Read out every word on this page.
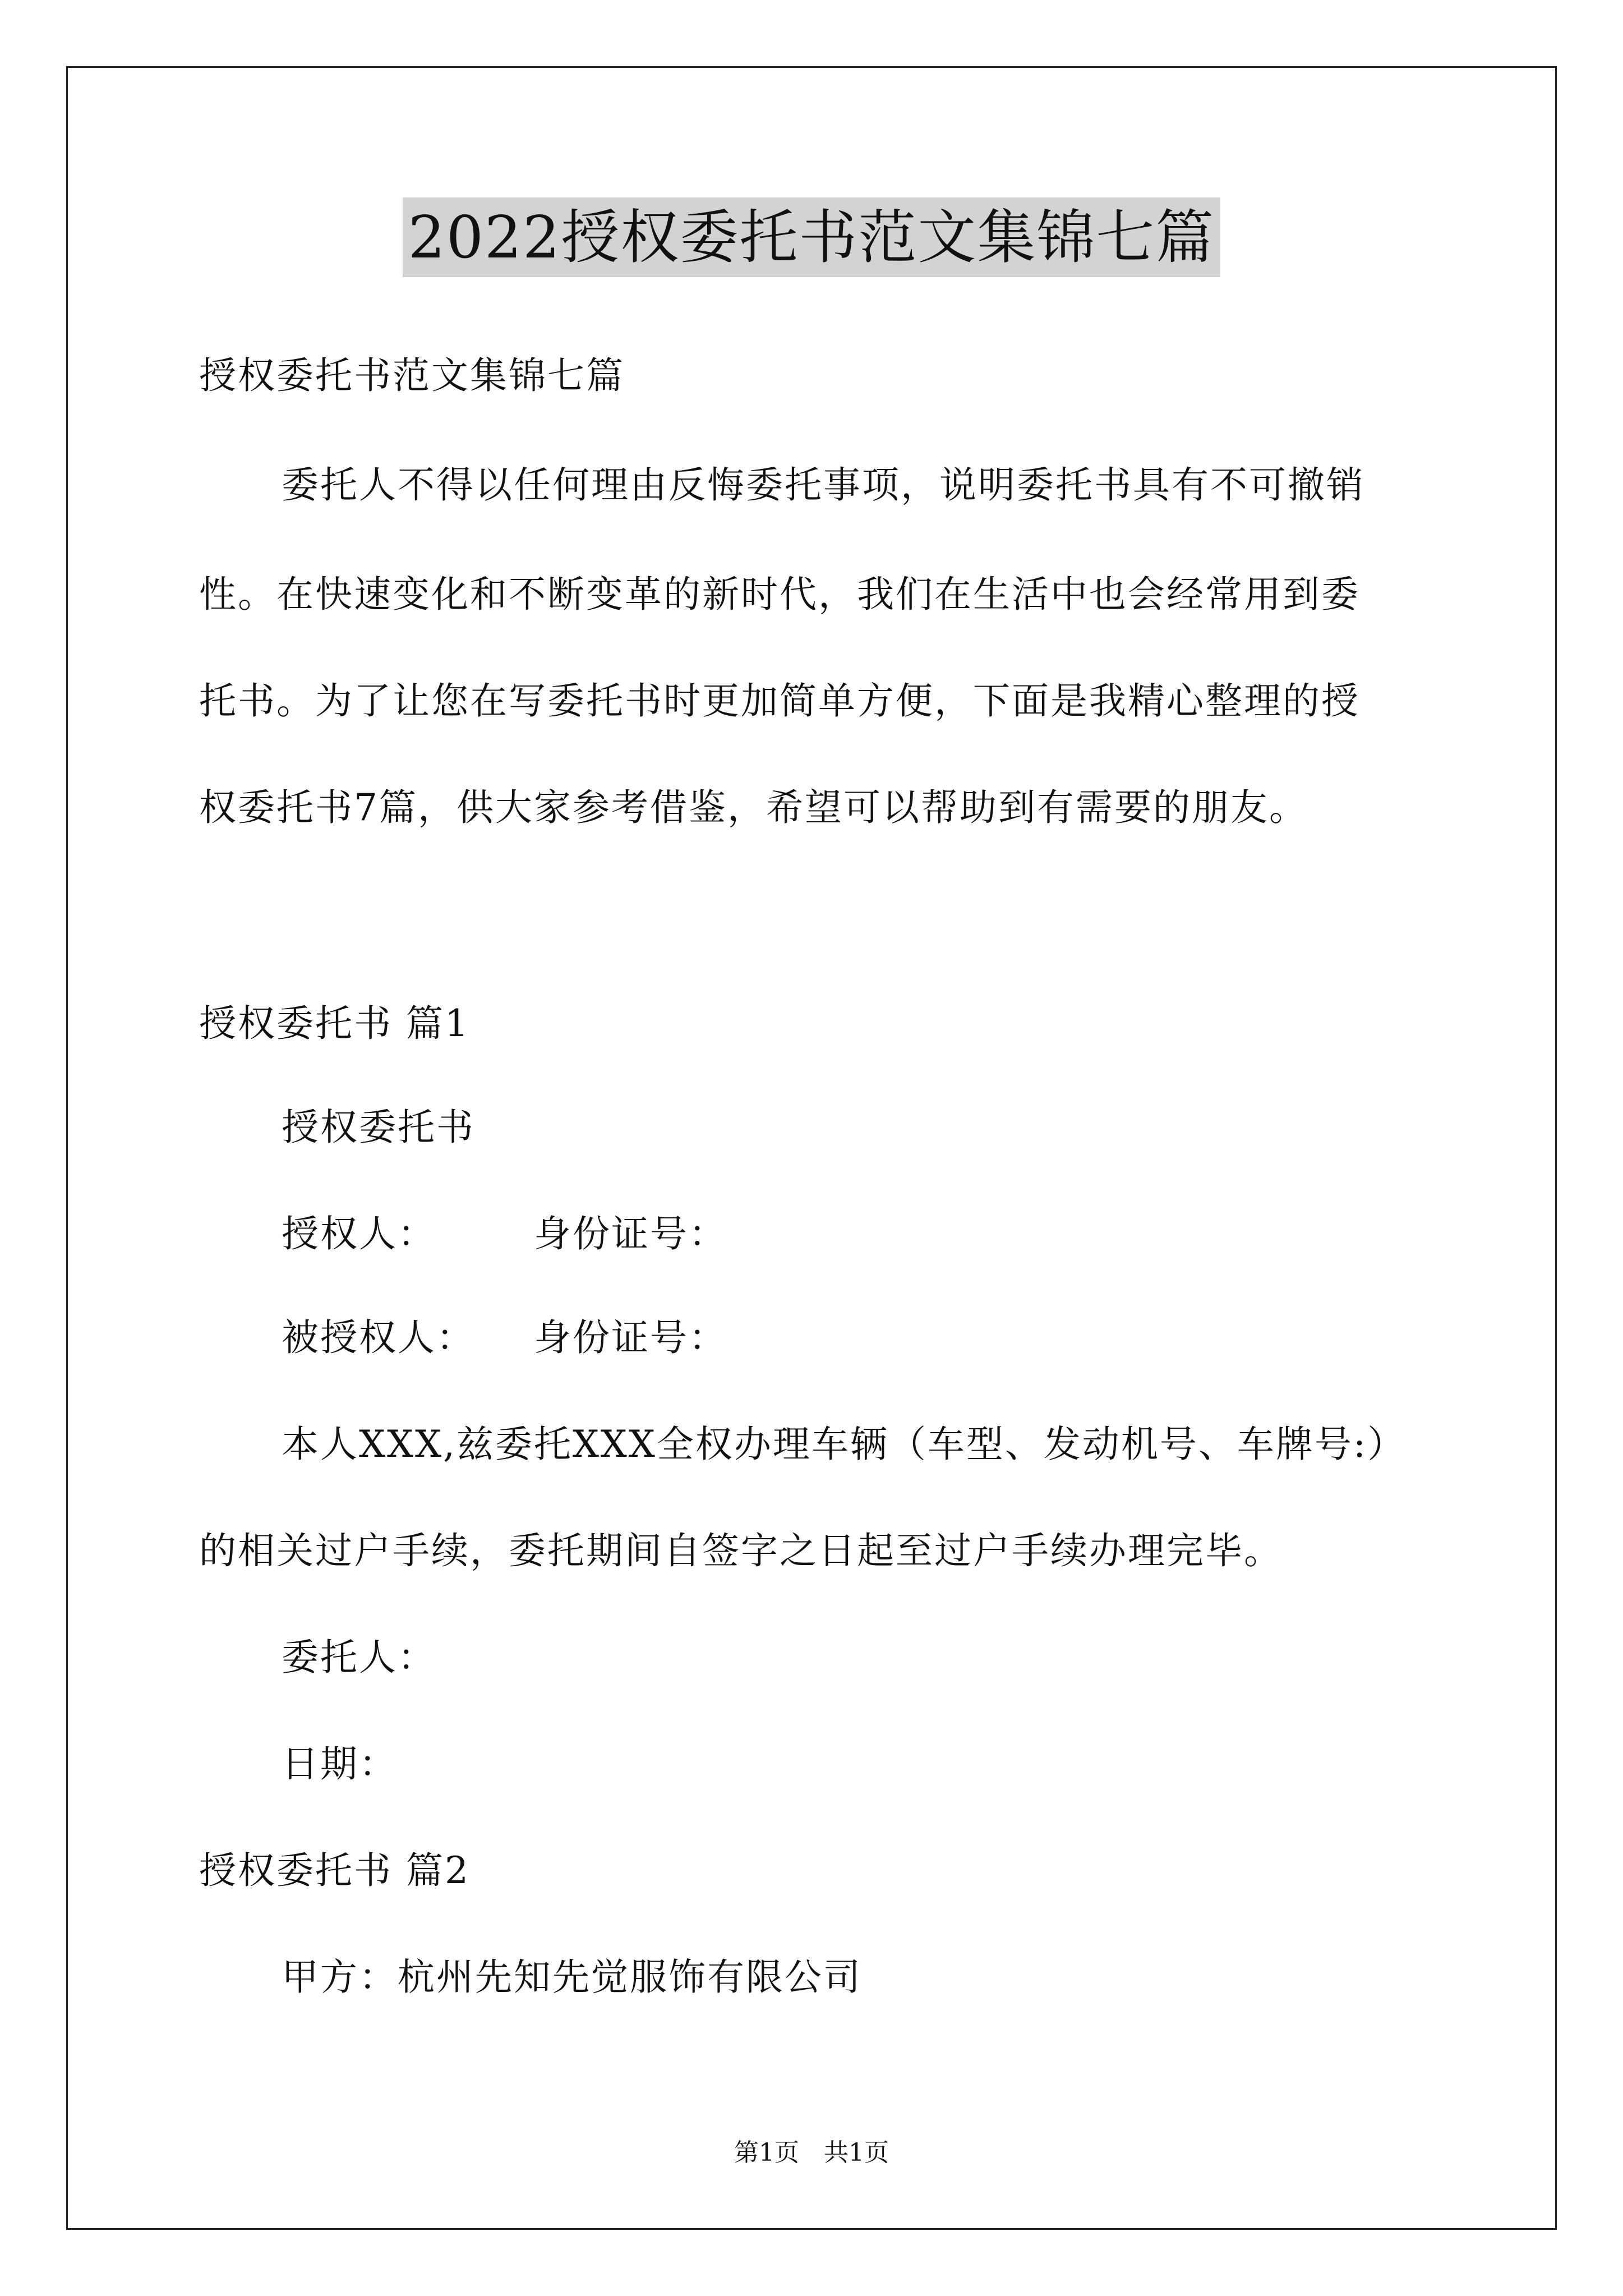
2022授权委托书范文集锦七篇
授权委托书范文集锦七篇
委托人不得以任何理由反悔委托事项，说明委托书具有不可撤销
性。在快速变化和不断变革的新时代，我们在生活中也会经常用到委
托书。为了让您在写委托书时更加简单方便，下面是我精心整理的授
权委托书7篇，供大家参考借鉴，希望可以帮助到有需要的朋友。
授权委托书 篇1
授权委托书
授权人：　　　身份证号：
被授权人：　　身份证号：
本人XXX,兹委托XXX全权办理车辆（车型、发动机号、车牌号:）
的相关过户手续，委托期间自签字之日起至过户手续办理完毕。
委托人：
日期：
授权委托书 篇2
甲方：杭州先知先觉服饰有限公司
第1页　共1页
